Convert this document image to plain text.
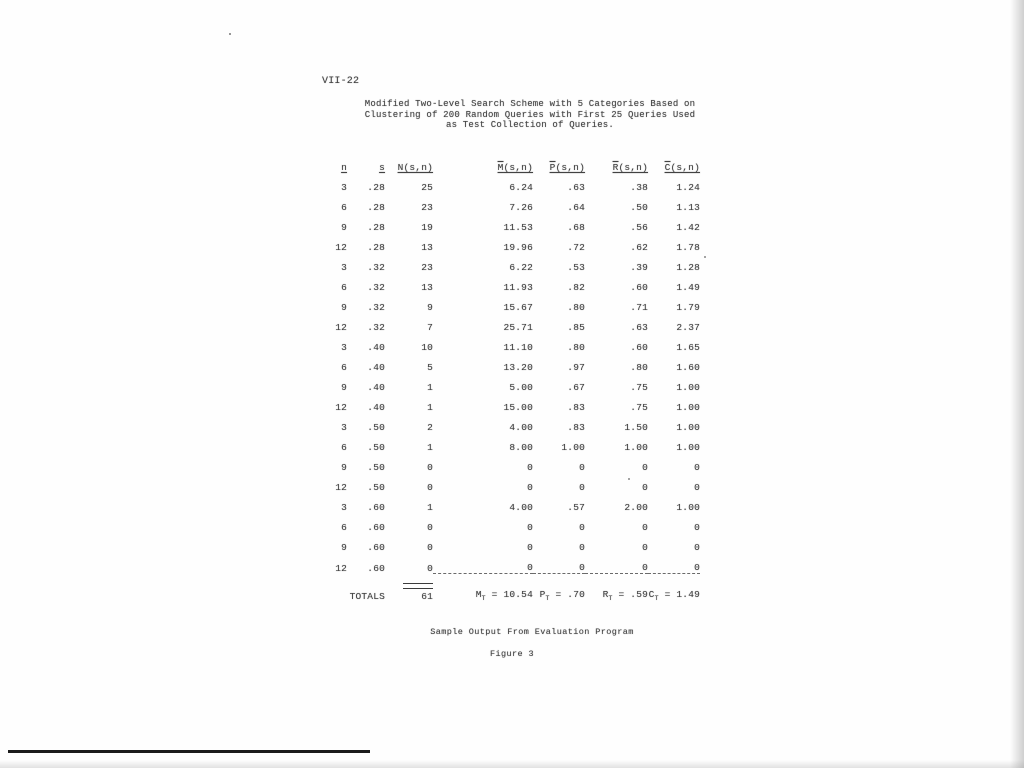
VII-22
Modified Two-Level Search Scheme with 5 Categories Based on
Clustering of 200 Random Queries with First 25 Queries Used
as Test Collection of Queries.
n	s	N(s,n)	M(s,n)	P(s,n)	R(s,n)	C(s,n)
3	.28	25	6.24	.63	.38	1.24
6	.28	23	7.26	.64	.50	1.13
9	.28	19	11.53	.68	.56	1.42
12	.28	13	19.96	.72	.62	1.78
3	.32	23	6.22	.53	.39	1.28
6	.32	13	11.93	.82	.60	1.49
9	.32	9	15.67	.80	.71	1.79
12	.32	7	25.71	.85	.63	2.37
3	.40	10	11.10	.80	.60	1.65
6	.40	5	13.20	.97	.80	1.60
9	.40	1	5.00	.67	.75	1.00
12	.40	1	15.00	.83	.75	1.00
3	.50	2	4.00	.83	1.50	1.00
6	.50	1	8.00	1.00	1.00	1.00
9	.50	0	0	0	0	0
12	.50	0	0	0	0	0
3	.60	1	4.00	.57	2.00	1.00
6	.60	0	0	0	0	0
9	.60	0	0	0	0	0
12	.60	0	0	0	0	0
TOTALS		61	$M_T = 10.54$	$P_T = .70$	$R_T = .59$	$C_T = 1.49$
Sample Output From Evaluation Program
Figure 3
